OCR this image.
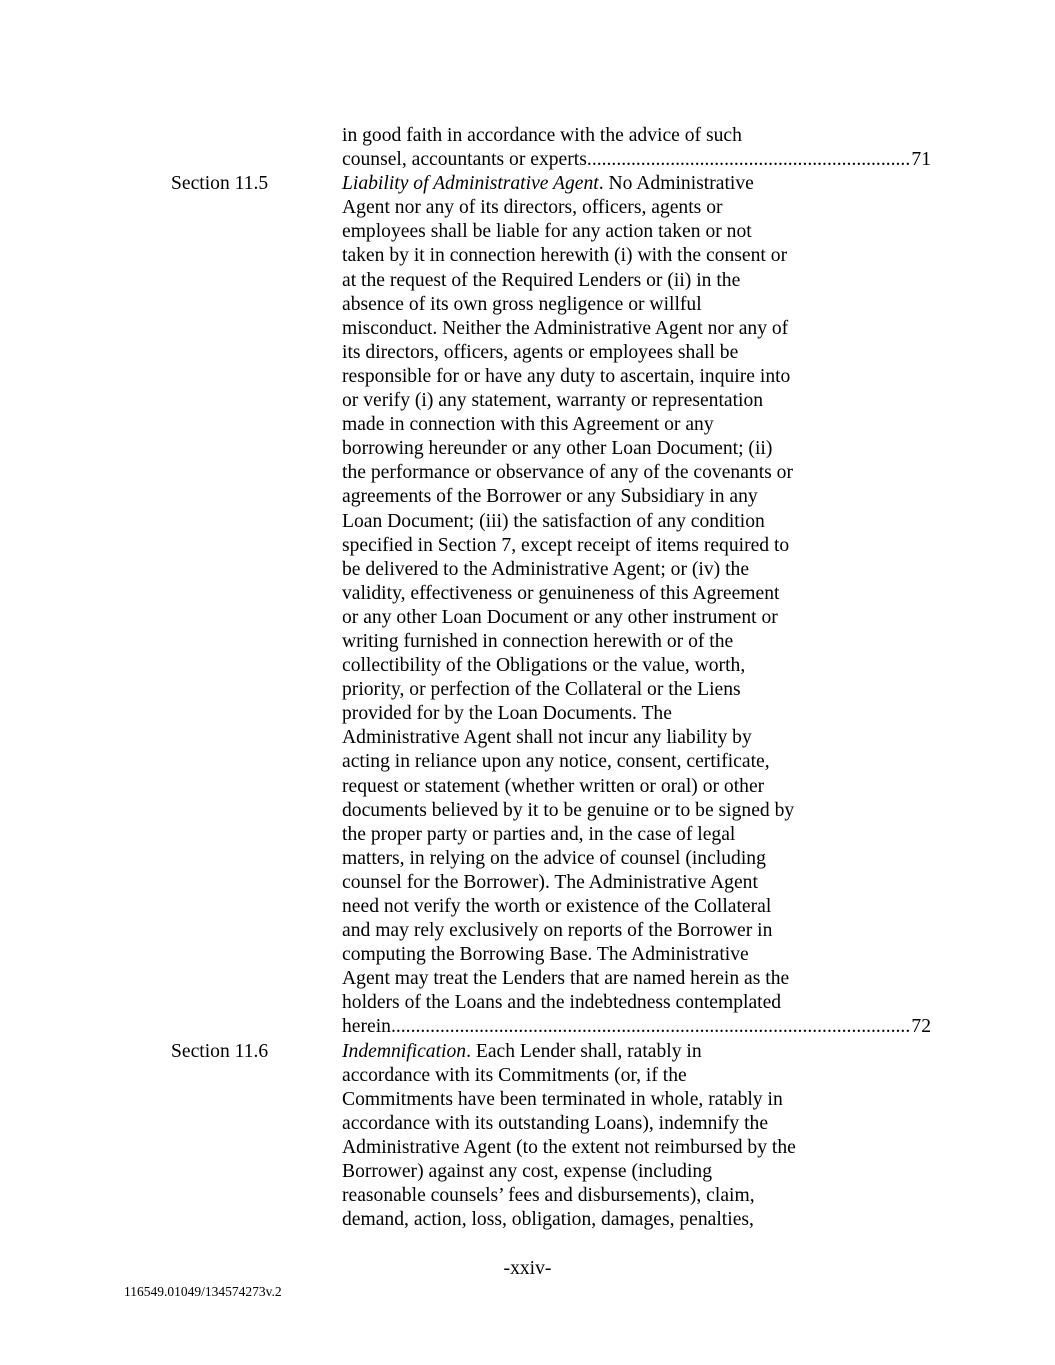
in good faith in accordance with the advice of such
counsel, accountants or experts .....	71
Section 11.5	Liability of Administrative Agent. No Administrative
Agent nor any of its directors, officers, agents or
employees shall be liable for any action taken or not
taken by it in connection herewith (i) with the consent or
at the request of the Required Lenders or (ii) in the
absence of its own gross negligence or willful
misconduct. Neither the Administrative Agent nor any of
its directors, officers, agents or employees shall be
responsible for or have any duty to ascertain, inquire into
or verify (i) any statement, warranty or representation
made in connection with this Agreement or any
borrowing hereunder or any other Loan Document; (ii)
the performance or observance of any of the covenants or
agreements of the Borrower or any Subsidiary in any
Loan Document; (iii) the satisfaction of any condition
specified in Section 7, except receipt of items required to
be delivered to the Administrative Agent; or (iv) the
validity, effectiveness or genuineness of this Agreement
or any other Loan Document or any other instrument or
writing furnished in connection herewith or of the
collectibility of the Obligations or the value, worth,
priority, or perfection of the Collateral or the Liens
provided for by the Loan Documents. The
Administrative Agent shall not incur any liability by
acting in reliance upon any notice, consent, certificate,
request or statement (whether written or oral) or other
documents believed by it to be genuine or to be signed by
the proper party or parties and, in the case of legal
matters, in relying on the advice of counsel (including
counsel for the Borrower). The Administrative Agent
need not verify the worth or existence of the Collateral
and may rely exclusively on reports of the Borrower in
computing the Borrowing Base. The Administrative
Agent may treat the Lenders that are named herein as the
holders of the Loans and the indebtedness contemplated
herein .....	72
Section 11.6	Indemnification. Each Lender shall, ratably in
accordance with its Commitments (or, if the
Commitments have been terminated in whole, ratably in
accordance with its outstanding Loans), indemnify the
Administrative Agent (to the extent not reimbursed by the
Borrower) against any cost, expense (including
reasonable counsels’ fees and disbursements), claim,
demand, action, loss, obligation, damages, penalties,
-xxiv-
116549.01049/134574273v.2
